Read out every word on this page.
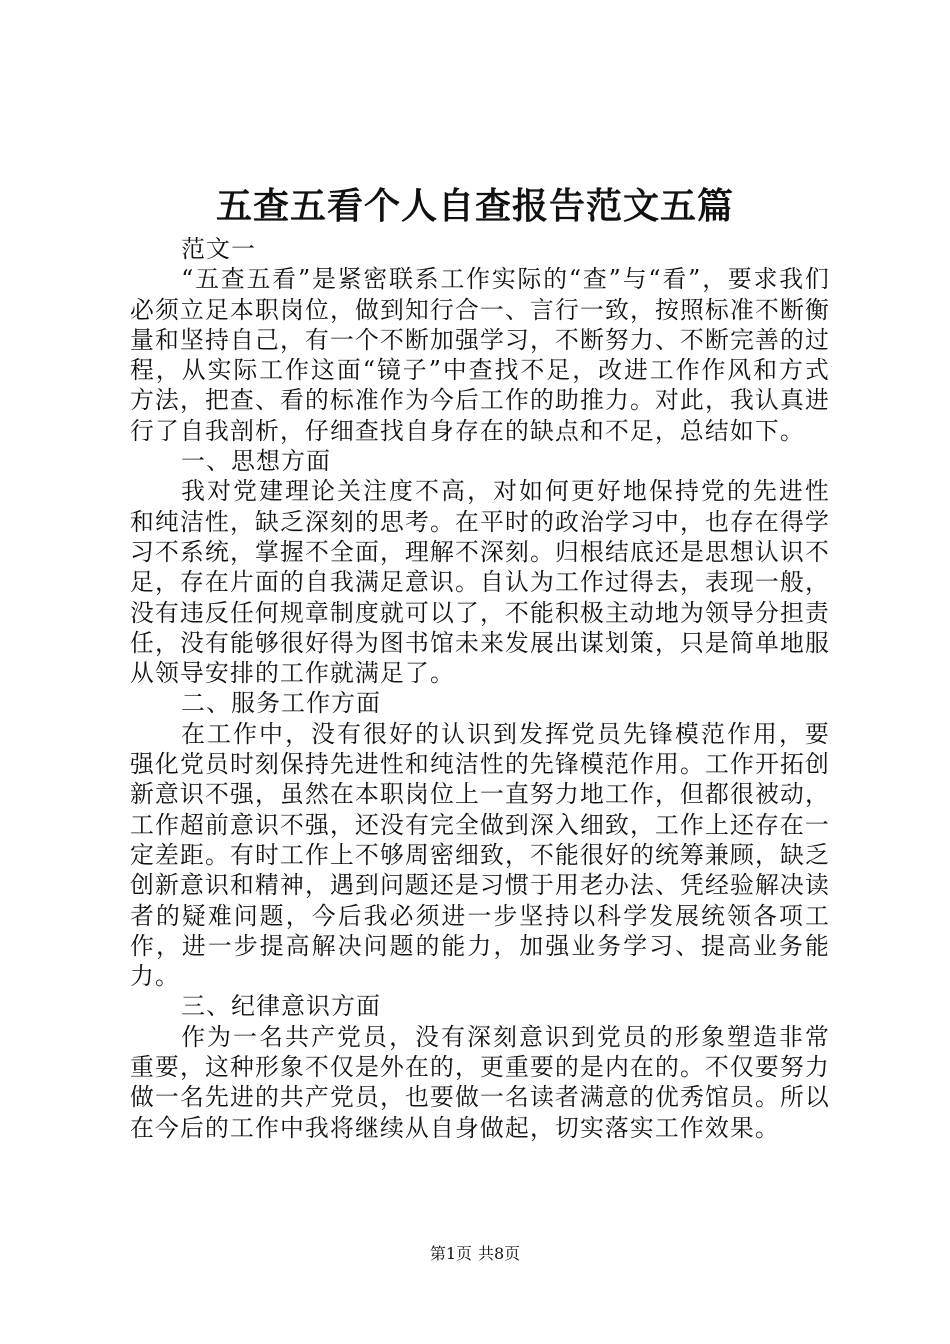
五查五看个人自查报告范文五篇

范文一

“五查五看”是紧密联系工作实际的“查”与“看”，要求我们必须立足本职岗位，做到知行合一、言行一致，按照标准不断衡量和坚持自己，有一个不断加强学习，不断努力、不断完善的过程，从实际工作这面“镜子”中查找不足，改进工作作风和方式方法，把查、看的标准作为今后工作的助推力。对此，我认真进行了自我剖析，仔细查找自身存在的缺点和不足，总结如下。

一、思想方面

我对党建理论关注度不高，对如何更好地保持党的先进性和纯洁性，缺乏深刻的思考。在平时的政治学习中，也存在得学习不系统，掌握不全面，理解不深刻。归根结底还是思想认识不足，存在片面的自我满足意识。自认为工作过得去，表现一般，没有违反任何规章制度就可以了，不能积极主动地为领导分担责任，没有能够很好得为图书馆未来发展出谋划策，只是简单地服从领导安排的工作就满足了。

二、服务工作方面

在工作中，没有很好的认识到发挥党员先锋模范作用，要强化党员时刻保持先进性和纯洁性的先锋模范作用。工作开拓创新意识不强，虽然在本职岗位上一直努力地工作，但都很被动，工作超前意识不强，还没有完全做到深入细致，工作上还存在一定差距。有时工作上不够周密细致，不能很好的统筹兼顾，缺乏创新意识和精神，遇到问题还是习惯于用老办法、凭经验解决读者的疑难问题，今后我必须进一步坚持以科学发展统领各项工作，进一步提高解决问题的能力，加强业务学习、提高业务能力。

三、纪律意识方面

作为一名共产党员，没有深刻意识到党员的形象塑造非常重要，这种形象不仅是外在的，更重要的是内在的。不仅要努力做一名先进的共产党员，也要做一名读者满意的优秀馆员。所以在今后的工作中我将继续从自身做起，切实落实工作效果。

第1页 共8页
